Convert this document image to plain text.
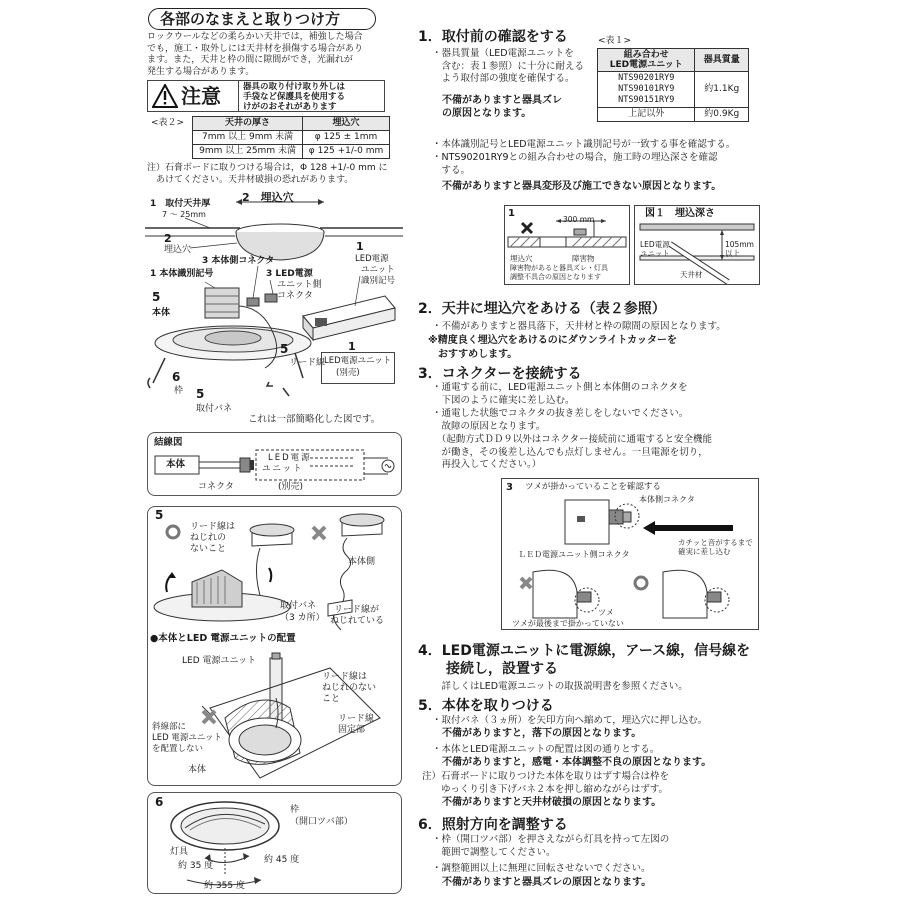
各部のなまえと取りつけ方
ロックウールなどの柔らかい天井では，補強した場合
でも，施工・取外しには天井材を損傷する場合があり
ます。また，天井と枠の間に隙間ができ，光漏れが
発生する場合があります。
注意	器具の取り付け取り外しは
手袋など保護具を使用する
けがのおそれがあります
<表２>	天井の厚さ	埋込穴
7mm 以上 9mm 未満	φ 125 ± 1mm
9mm 以上 25mm 未満	φ 125 +1/-0 mm
注）石膏ボードに取りつける場合は，Φ 128 +1/-0 mm に
　あけてください。天井材破損の恐れがあります。
1　取付天井厚
7 ～ 25mm
2　埋込穴
2
埋込穴
3 本体側コネクタ
1 本体識別記号	3 LED電源
ユニット側
コネクタ
1
LED電源
ユニット
識別記号
5
本体
5
リード線
6
枠 5
取付バネ
1
LED電源ユニット
(別売)
これは一部簡略化した図です。
結線図
本体
LED電源
ユニット
コネクタ	(別売)
5
リード線は
ねじれの
ないこと
本体側
取付バネ
（3 カ所）
リード線が
ねじれている
●本体とLED 電源ユニットの配置
LED 電源ユニット
リード線は
ねじれのない
こと
リード線
固定部
斜線部に
LED 電源ユニット
を配置しない
本体
6
枠
（開口ツバ部）
灯具
約 35 度
約 45 度
約 355 度
1．取付前の確認をする
・器具質量（LED電源ユニットを
　含む：表１参照）に十分に耐える
　よう取付部の強度を確保する。
　不備がありますと器具ズレ
　の原因となります。
<表１>
組み合わせ
LED電源ユニット	器具質量

NTS90201RY9
NTS90101RY9
NTS90151RY9	約1.1Kg
上記以外	約0.9Kg
・本体識別記号とLED電源ユニット識別記号が一致する事を確認する。
・NTS90201RY9との組み合わせの場合，施工時の埋込深さを確認
　する。
　不備がありますと器具変形及び施工できない原因となります。
1
300 mm
埋込穴	障害物
障害物があると器具ズレ・灯具
調整不具合の原因となります
図１　埋込深さ
LED電源
ユニット
105mm
以上
天井材
2．天井に埋込穴をあける（表２参照）
・不備がありますと器具落下，天井材と枠の隙間の原因となります。
※精度良く埋込穴をあけるのにダウンライトカッターを
　おすすめします。
3．コネクターを接続する
・通電する前に，LED電源ユニット側と本体側のコネクタを
　下図のように確実に差し込む。
・通電した状態でコネクタの抜き差しをしないでください。
　故障の原因となります。
　（起動方式ＤＤ９以外はコネクター接続前に通電すると安全機能
　が働き，その後差し込んでも点灯しません。一旦電源を切り，
　再投入してください。）
3 ツメが掛かっていることを確認する
本体側コネクタ
カチッと音がするまで
確実に差し込む
ＬＥＤ電源ユニット側コネクタ
ツメ
ツメが最後まで掛かっていない
4．LED電源ユニットに電源線，アース線，信号線を
　　接続し，設置する
　詳しくはLED電源ユニットの取扱説明書を参照ください。
5．本体を取りつける
・取付バネ（３ヵ所）を矢印方向へ縮めて，埋込穴に押し込む。
　不備がありますと，落下の原因となります。
・本体とLED電源ユニットの配置は図の通りとする。
　不備がありますと，感電・本体調整不良の原因となります。
注）石膏ボードに取りつけた本体を取りはずす場合は枠を
　　ゆっくり引き下げバネ２本を押し縮めながらはずす。
　　不備がありますと天井材破損の原因となります。
6．照射方向を調整する
・枠（開口ツバ部）を押さえながら灯具を持って左図の
　範囲で調整してください。
・調整範囲以上に無理に回転させないでください。
　不備がありますと器具ズレの原因となります。
